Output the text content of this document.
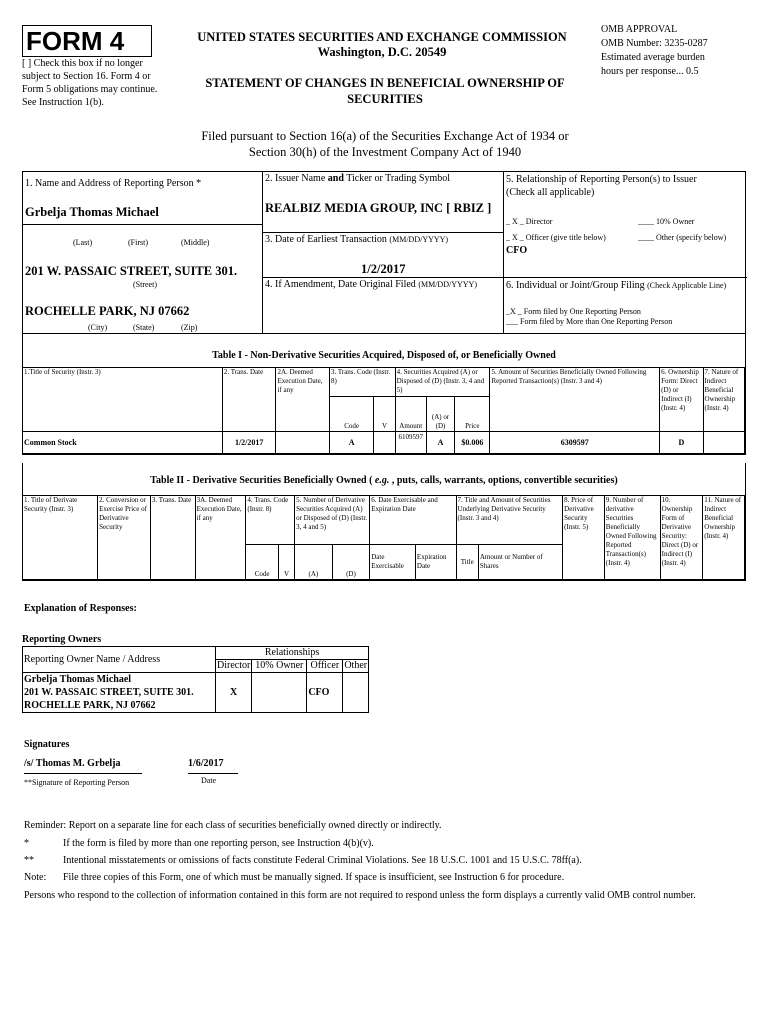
FORM 4
[ ] Check this box if no longer subject to Section 16. Form 4 or Form 5 obligations may continue. See Instruction 1(b).
UNITED STATES SECURITIES AND EXCHANGE COMMISSION
Washington, D.C. 20549
STATEMENT OF CHANGES IN BENEFICIAL OWNERSHIP OF SECURITIES
OMB APPROVAL
OMB Number: 3235-0287
Estimated average burden
hours per response... 0.5
Filed pursuant to Section 16(a) of the Securities Exchange Act of 1934 or
Section 30(h) of the Investment Company Act of 1940
1. Name and Address of Reporting Person *
Grbelja Thomas Michael
(Last)	(First)	(Middle)
201 W. PASSAIC STREET, SUITE 301.
(Street)
ROCHELLE PARK, NJ 07662
(City)	(State)	(Zip)
2. Issuer Name and Ticker or Trading Symbol
REALBIZ MEDIA GROUP, INC [ RBIZ ]
3. Date of Earliest Transaction (MM/DD/YYYY)
1/2/2017
4. If Amendment, Date Original Filed (MM/DD/YYYY)
5. Relationship of Reporting Person(s) to Issuer
(Check all applicable)
_ X _ Director	____ 10% Owner
_ X _ Officer (give title below)	____ Other (specify below)
CFO
6. Individual or Joint/Group Filing (Check Applicable Line)
_X _ Form filed by One Reporting Person
___ Form filed by More than One Reporting Person
Table I - Non-Derivative Securities Acquired, Disposed of, or Beneficially Owned
1.Title of Security (Instr. 3)	2. Trans. Date	2A. Deemed Execution Date, if any	3. Trans. Code (Instr. 8)		4. Securities Acquired (A) or Disposed of (D) (Instr. 3, 4 and 5)			5. Amount of Securities Beneficially Owned Following Reported Transaction(s) (Instr. 3 and 4)	6. Ownership Form: Direct (D) or Indirect (I) (Instr. 4)	7. Nature of Indirect Beneficial Ownership (Instr. 4)
			Code	V	Amount	(A) or (D)	Price			
Common Stock	1/2/2017		A		6109597	A	$0.006	6309597	D	
Table II - Derivative Securities Beneficially Owned ( e.g. , puts, calls, warrants, options, convertible securities)
1. Title of Derivate Security (Instr. 3)	2. Conversion or Exercise Price of Derivative Security	3. Trans. Date	3A. Deemed Execution Date, if any	4. Trans. Code (Instr. 8)		5. Number of Derivative Securities Acquired (A) or Disposed of (D) (Instr. 3, 4 and 5)		6. Date Exercisable and Expiration Date		7. Title and Amount of Securities Underlying Derivative Security (Instr. 3 and 4)		8. Price of Derivative Security (Instr. 5)	9. Number of derivative Securities Beneficially Owned Following Reported Transaction(s) (Instr. 4)	10. Ownership Form of Derivative Security: Direct (D) or Indirect (I) (Instr. 4)	11. Nature of Indirect Beneficial Ownership (Instr. 4)
				Code	V	(A)	(D)	Date Exercisable	Expiration Date	Title	Amount or Number of Shares				
Explanation of Responses:
Reporting Owners
Reporting Owner Name / Address	Relationships			
	Director	10% Owner	Officer	Other

Grbelja Thomas Michael
201 W. PASSAIC STREET, SUITE 301.
ROCHELLE PARK, NJ 07662	X		CFO	
Signatures
/s/ Thomas M. Grbelja	1/6/2017
**Signature of Reporting Person	Date
Reminder: Report on a separate line for each class of securities beneficially owned directly or indirectly.
*	If the form is filed by more than one reporting person, see Instruction 4(b)(v).
**	Intentional misstatements or omissions of facts constitute Federal Criminal Violations. See 18 U.S.C. 1001 and 15 U.S.C. 78ff(a).
Note: File three copies of this Form, one of which must be manually signed. If space is insufficient, see Instruction 6 for procedure.
Persons who respond to the collection of information contained in this form are not required to respond unless the form displays a currently valid OMB control number.
